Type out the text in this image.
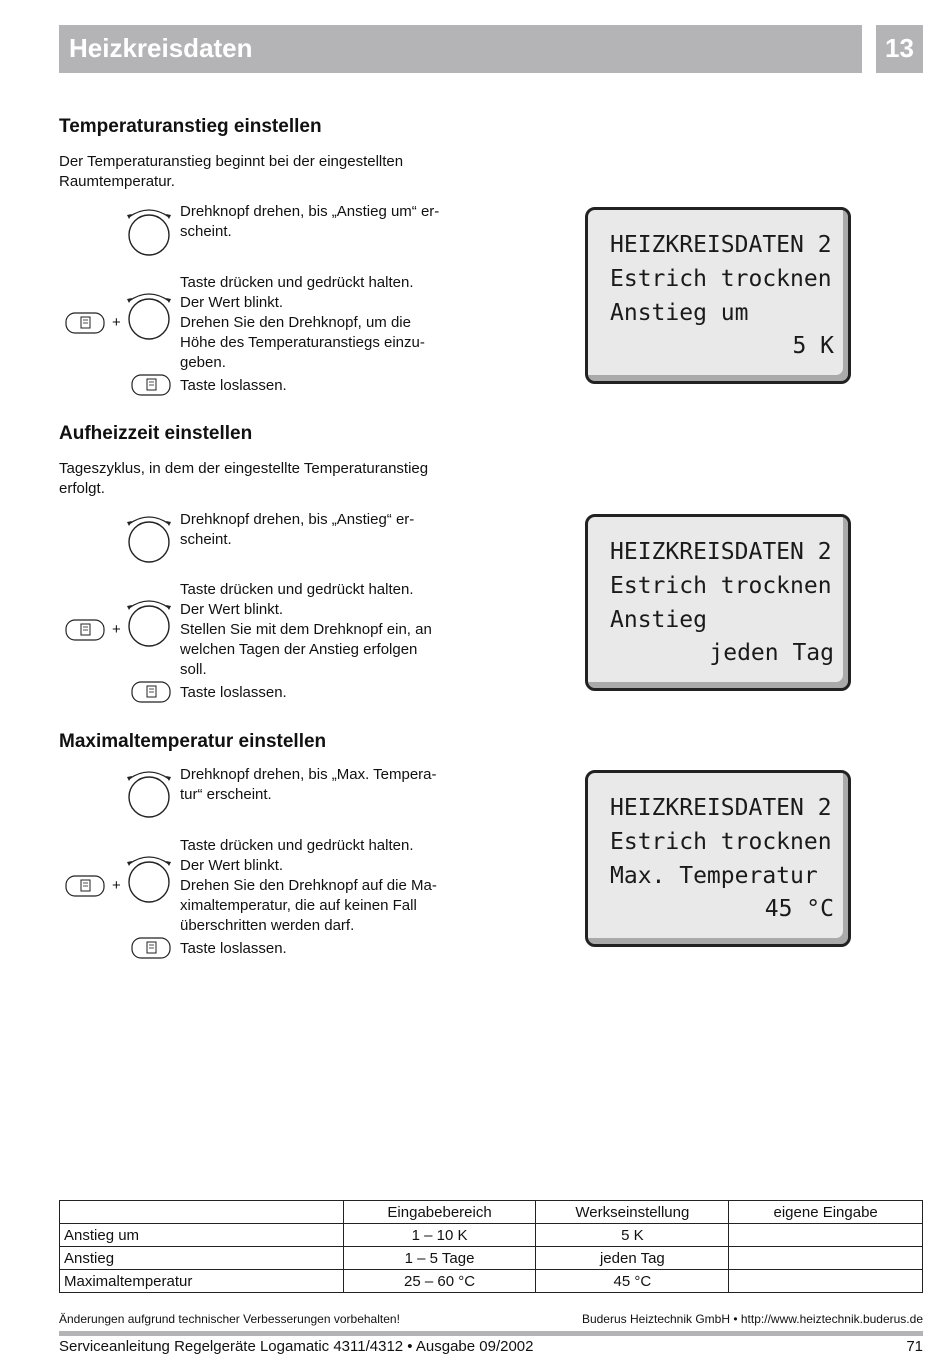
Heizkreisdaten	13
Temperaturanstieg einstellen
Der Temperaturanstieg beginnt bei der eingestellten
Raumtemperatur.
Drehknopf drehen, bis „Anstieg um“ er-
scheint.
+
Taste drücken und gedrückt halten.
Der Wert blinkt.
Drehen Sie den Drehknopf, um die
Höhe des Temperaturanstiegs einzu-
geben.
Taste loslassen.
HEIZKREISDATEN 2
Estrich trocknen
Anstieg um
5 K
Aufheizzeit einstellen
Tageszyklus, in dem der eingestellte Temperaturanstieg
erfolgt.
Drehknopf drehen, bis „Anstieg“ er-
scheint.
+
Taste drücken und gedrückt halten.
Der Wert blinkt.
Stellen Sie mit dem Drehknopf ein, an
welchen Tagen der Anstieg erfolgen
soll.
Taste loslassen.
HEIZKREISDATEN 2
Estrich trocknen
Anstieg
jeden Tag
Maximaltemperatur einstellen
Drehknopf drehen, bis „Max. Tempera-
tur“ erscheint.
+
Taste drücken und gedrückt halten.
Der Wert blinkt.
Drehen Sie den Drehknopf auf die Ma-
ximaltemperatur, die auf keinen Fall
überschritten werden darf.
Taste loslassen.
HEIZKREISDATEN 2
Estrich trocknen
Max. Temperatur
45 °C
	Eingabebereich	Werkseinstellung	eigene Eingabe
Anstieg um	1 – 10 K	5 K	
Anstieg	1 – 5 Tage	jeden Tag	
Maximaltemperatur	25 – 60 °C	45 °C	
Änderungen aufgrund technischer Verbesserungen vorbehalten!	Buderus Heiztechnik GmbH • http://www.heiztechnik.buderus.de
Serviceanleitung Regelgeräte Logamatic 4311/4312 • Ausgabe 09/2002	71
